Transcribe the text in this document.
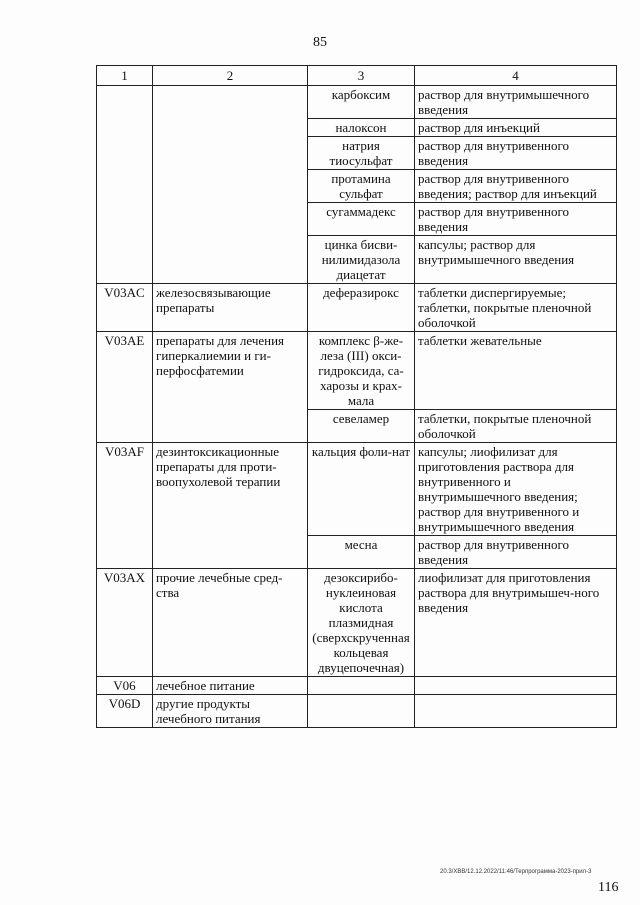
85
1	2	3	4
		карбоксим	раствор для внутримышечного введения
		налоксон	раствор для инъекций
		натрия тиосульфат	раствор для внутривенного введения
		протамина сульфат	раствор для внутривенного введения; раствор для инъекций
		сугаммадекс	раствор для внутривенного введения
		цинка бисви-нилимидазола диацетат	капсулы; раствор для внутримышечного введения
V03AC	железосвязывающие препараты	деферазирокс	таблетки диспергируемые; таблетки, покрытые пленочной оболочкой
V03AE	препараты для лечения гиперкалиемии и ги-перфосфатемии	комплекс β-же-леза (III) окси-гидроксида, са-харозы и крах-мала	таблетки жевательные
		севеламер	таблетки, покрытые пленочной оболочкой
V03AF	дезинтоксикационные препараты для проти-воопухолевой терапии	кальция фоли-нат	капсулы; лиофилизат для приготовления раствора для внутривенного и внутримышечного введения; раствор для внутривенного и внутримышечного введения
		месна	раствор для внутривенного введения
V03AX	прочие лечебные сред-ства	дезоксирибо-нуклеиновая кислота плазмидная (сверхскрученная кольцевая двуцепочечная)	лиофилизат для приготовления раствора для внутримышеч-ного введения
V06	лечебное питание		
V06D	другие продукты лечебного питания		
20.3/ХВВ/12.12.2022/11:46/Терпрограмма-2023-прил-3
116
